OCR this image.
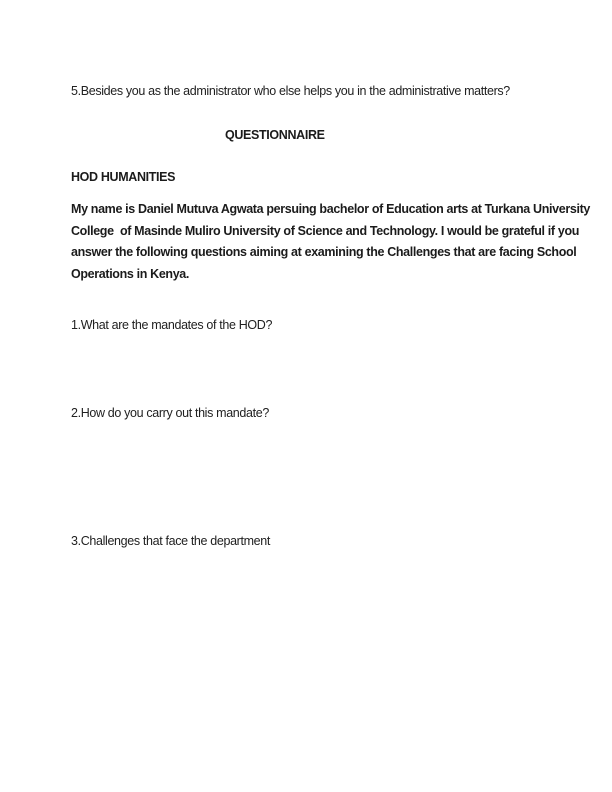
5.Besides you as the administrator who else helps you in the administrative matters?
QUESTIONNAIRE
HOD HUMANITIES
My name is Daniel Mutuva Agwata persuing bachelor of Education arts at Turkana University
College  of Masinde Muliro University of Science and Technology. I would be grateful if you
answer the following questions aiming at examining the Challenges that are facing School
Operations in Kenya.
1.What are the mandates of the HOD?
2.How do you carry out this mandate?
3.Challenges that face the department
